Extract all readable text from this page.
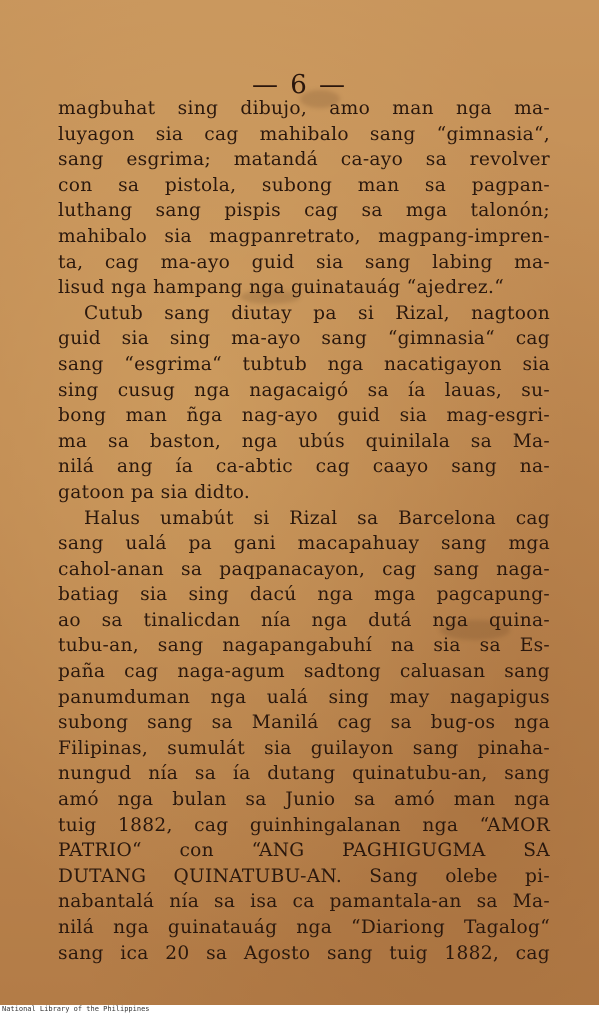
— 6 —
magbuhat sing dibujo, amo man nga ma-
luyagon sia cag mahibalo sang “gimnasia“,
sang esgrima; matandá ca-ayo sa revolver
con sa pistola, subong man sa pagpan-
luthang sang pispis cag sa mga talonón;
mahibalo sia magpanretrato, magpang-impren-
ta, cag ma-ayo guid sia sang labing ma-
lisud nga hampang nga guinatauág “ajedrez.“
Cutub sang diutay pa si Rizal, nagtoon
guid sia sing ma-ayo sang “gimnasia“ cag
sang “esgrima“ tubtub nga nacatigayon sia
sing cusug nga nagacaigó sa ía lauas, su-
bong man ñga nag-ayo guid sia mag-esgri-
ma sa baston, nga ubús quinilala sa Ma-
nilá ang ía ca-abtic cag caayo sang na-
gatoon pa sia didto.
Halus umabút si Rizal sa Barcelona cag
sang ualá pa gani macapahuay sang mga
cahol-anan sa paqpanacayon, cag sang naga-
batiag sia sing dacú nga mga pagcapung-
ao sa tinalicdan nía nga dutá nga quina-
tubu-an, sang nagapangabuhí na sia sa Es-
paña cag naga-agum sadtong caluasan sang
panumduman nga ualá sing may nagapigus
subong sang sa Manilá cag sa bug-os nga
Filipinas, sumulát sia guilayon sang pinaha-
nungud nía sa ía dutang quinatubu-an, sang
amó nga bulan sa Junio sa amó man nga
tuig 1882, cag guinhingalanan nga “AMOR
PATRIO“ con “ANG PAGHIGUGMA SA
DUTANG QUINATUBU-AN. Sang olebe pi-
nabantalá nía sa isa ca pamantala-an sa Ma-
nilá nga guinatauág nga “Diariong Tagalog“
sang ica 20 sa Agosto sang tuig 1882, cag
National Library of the Philippines
